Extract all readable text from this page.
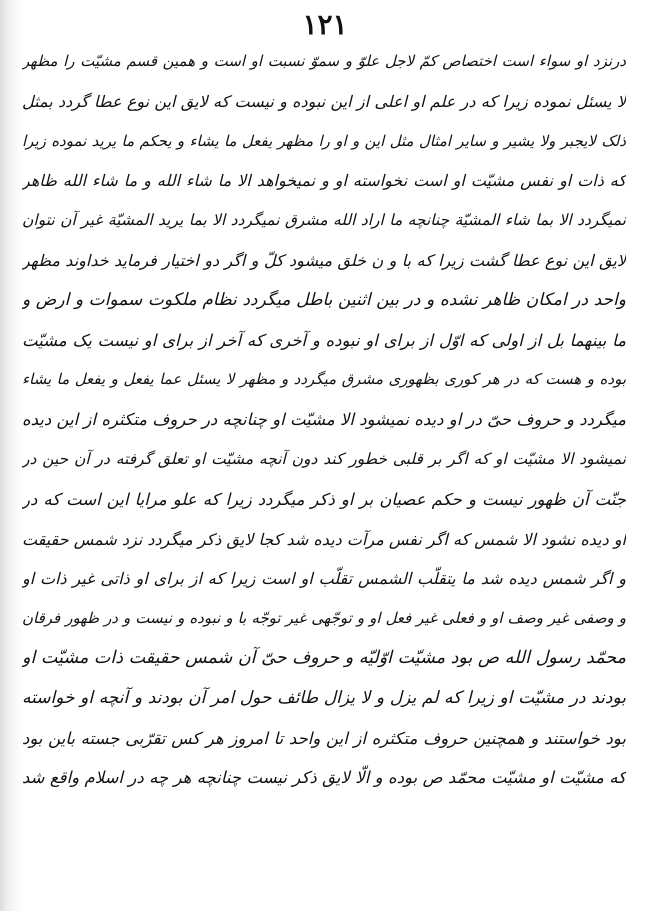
۱۲۱
درنزد او سواء است اختصاص کمّ لاجل علوّ و سموّ نسبت او است و همین قسم مشیّت را مظهر
لا یسئل نموده زیرا که در علم او اعلی از این نبوده و نیست که لایق این نوع عطا گردد بمثل
ذلک لایجبر ولا یشیر و سایر امثال مثل این و او را مظهر یفعل ما یشاء و یحکم ما یرید نموده زیرا
که ذات او نفس مشیّت او است نخواسته او و نمیخواهد الا ما شاء الله و ما شاء الله ظاهر
نمیگردد الا بما شاء المشیّة چنانچه ما اراد الله مشرق نمیگردد الا بما یرید المشیّة غیر آن نتوان
لایق این نوع عطا گشت زیرا که با و ن خلق میشود کلّ و اگر دو اختیار فرماید خداوند مظهر
واحد در امکان ظاهر نشده و در بین اثنین باطل میگردد نظام ملکوت سموات و ارض و
ما بینهما بل از اولی که اوّل از برای او نبوده و آخری که آخر از برای او نیست یک مشیّت
بوده و هست که در هر کوری بظهوری مشرق میگردد و مظهر لا یسئل عما یفعل و یفعل ما یشاء
میگردد و حروف حیّ در او دیده نمیشود الا مشیّت او چنانچه در حروف متکثره از این دیده
نمیشود الا مشیّت او که اگر بر قلبی خطور کند دون آنچه مشیّت او تعلق گرفته در آن حین در
جنّت آن ظهور نیست و حکم عصیان بر او ذکر میگردد زیرا که علو مرایا این است که در
او دیده نشود الا شمس که اگر نفس مرآت دیده شد کجا لایق ذکر میگردد نزد شمس حقیقت
و اگر شمس دیده شد ما یتقلّب الشمس تقلّب او است زیرا که از برای او ذاتی غیر ذات او
و وصفی غیر وصف او و فعلی غیر فعل او و توجّهی غیر توجّه با و نبوده و نیست و در ظهور فرقان
محمّد رسول الله ص بود مشیّت اوّلیّه و حروف حیّ آن شمس حقیقت ذات مشیّت او
بودند در مشیّت او زیرا که لم یزل و لا یزال طائف حول امر آن بودند و آنچه او خواسته
بود خواستند و همچنین حروف متکثره از این واحد تا امروز هر کس تقرّبی جسته باین بود
که مشیّت او مشیّت محمّد ص بوده و الّا لایق ذکر نیست چنانچه هر چه در اسلام واقع شد
